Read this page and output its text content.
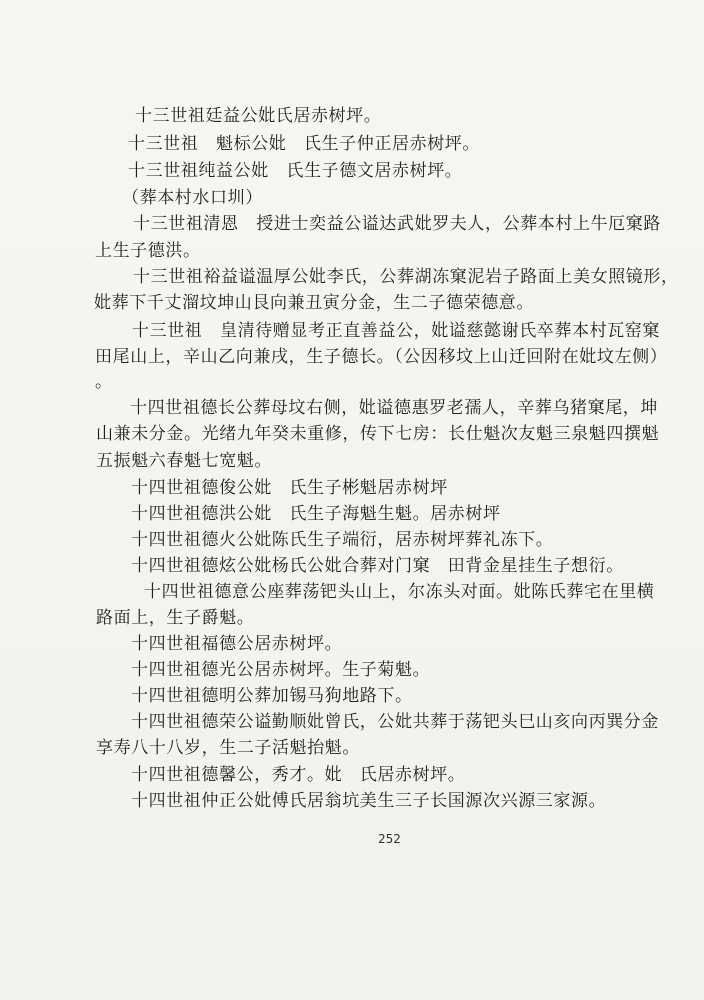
十三世祖廷益公妣氏居赤树坪。
十三世祖　魁标公妣　氏生子仲正居赤树坪。
十三世祖纯益公妣　氏生子德文居赤树坪。
（葬本村水口圳）
十三世祖清恩　授进士奕益公谥达武妣罗夫人，公葬本村上牛厄窠路
上生子德洪。
十三世祖裕益谥温厚公妣李氏，公葬湖冻窠泥岩子路面上美女照镜形，
妣葬下千丈溜坟坤山艮向兼丑寅分金，生二子德荣德意。
十三世祖　皇清待赠显考正直善益公，妣谥慈懿谢氏卒葬本村瓦窑窠
田尾山上，辛山乙向兼戌，生子德长。（公因移坟上山迁回附在妣坟左侧）
。
十四世祖德长公葬母坟右侧，妣谥德惠罗老孺人，辛葬乌猪窠尾，坤
山兼未分金。光绪九年癸未重修，传下七房：长仕魁次友魁三泉魁四撰魁
五振魁六春魁七宽魁。
十四世祖德俊公妣　氏生子彬魁居赤树坪
十四世祖德洪公妣　氏生子海魁生魁。居赤树坪
十四世祖德火公妣陈氏生子端衍，居赤树坪葬礼冻下。
十四世祖德炫公妣杨氏公妣合葬对门窠　田背金星挂生子想衍。
十四世祖德意公座葬荡钯头山上，尔冻头对面。妣陈氏葬宅在里横
路面上，生子爵魁。
十四世祖福德公居赤树坪。
十四世祖德光公居赤树坪。生子菊魁。
十四世祖德明公葬加锡马狗地路下。
十四世祖德荣公谥勤顺妣曾氏，公妣共葬于荡钯头巳山亥向丙巽分金
享寿八十八岁，生二子活魁抬魁。
十四世祖德馨公，秀才。妣　氏居赤树坪。
十四世祖仲正公妣傅氏居翁坑美生三子长国源次兴源三家源。
252
